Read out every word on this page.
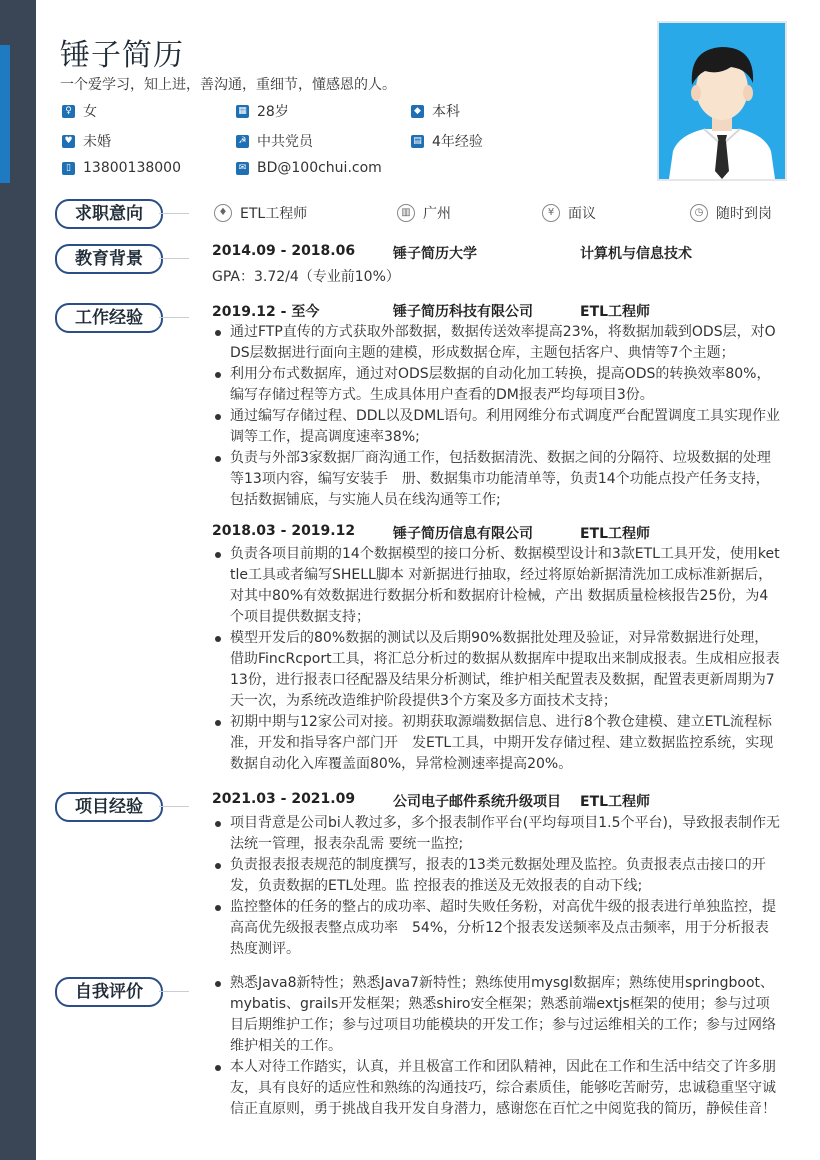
锤子简历
一个爱学习，知上进，善沟通，重细节，懂感恩的人。
♀ 女	▦ 28岁	◆ 本科
♥ 未婚	☭ 中共党员	▤ 4年经验
▯ 13800138000	✉ BD@100chui.com
求职意向	♦ ETL工程师	▥ 广州	¥ 面议	◷ 随时到岗
教育背景	2014.09 - 2018.06	锤子简历大学	计算机与信息技术
GPA：3.72/4（专业前10%）
工作经验	2019.12 - 至今	锤子简历科技有限公司	ETL工程师
通过FTP直传的方式获取外部数据，数据传送效率提高23%，将数据加载到ODS层，对ODS层数据进行面向主题的建模，形成数据仓库，主题包括客户、典情等7个主题；
利用分布式数据库，通过对ODS层数据的自动化加工转换，提高ODS的转换效率80%，编写存储过程等方式。生成具体用户查看的DM报表严均每项目3份。
通过编写存储过程、DDL以及DML语句。利用网维分布式调度严台配置调度工具实现作业调等工作，提高调度速率38%;
负责与外部3家数据厂商沟通工作，包括数据清洗、数据之间的分隔符、垃圾数据的处理等13项内容，编写安装手　册、数据集市功能清单等，负责14个功能点投产任务支持，包括数据铺底，与实施人员在线沟通等工作;
2018.03 - 2019.12	锤子简历信息有限公司	ETL工程师
负责各项目前期的14个数据模型的接口分析、数据模型设计和3款ETL工具开发，使用kettle工具或者编写SHELL脚本 对新据进行抽取，经过将原始新据清洗加工成标准新据后，对其中80%有效数据进行数据分析和数据府计检械，产出 数据质量检核报告25份，为4个项目提供数据支持；
模型开发后的80%数据的测试以及后期90%数据批处理及验证，对异常数据进行处理，借助FincRcport工具，将汇总分析过的数据从数据库中提取出来制成报表。生成相应报表13份，进行报表口径配器及结果分析测试，维护相关配置表及数据，配置表更新周期为7天一次，为系统改造维护阶段提供3个方案及多方面技术支持；
初期中期与12家公司对接。初期获取源端数据信息、进行8个教仓建模、建立ETL流程标准，开发和指导客户部门开　发ETL工具，中期开发存储过程、建立数据监控系统，实现数据自动化入库覆盖面80%，异常检测速率提高20%。
项目经验	2021.03 - 2021.09	公司电子邮件系统升级项目 ETL工程师
项目背意是公司bi人教过多，多个报表制作平台(平均每项目1.5个平台)，导致报表制作无法统一管理，报表杂乱需 要统一监控;
负责报表报表规范的制度撰写，报表的13类元数据处理及监控。负责报表点击接口的开发，负责数据的ETL处理。监 控报表的推送及无效报表的自动下线;
监控整体的任务的整占的成功率、超时失败任务粉，对高优牛级的报表进行单独监控，提高高优先级报表整点成功率　54%，分析12个报表发送频率及点击频率，用于分析报表热度测评。
自我评价	熟悉Java8新特性；熟悉Java7新特性；熟练使用mysgl数据库；熟练使用springboot、mybatis、grails开发框架；熟悉shiro安全框架；熟悉前端extjs框架的使用；参与过项目后期维护工作；参与过项目功能模块的开发工作；参与过运维相关的工作；参与过网络维护相关的工作。
本人对待工作踏实，认真，并且极富工作和团队精神，因此在工作和生活中结交了许多朋友，具有良好的适应性和熟练的沟通技巧，综合素质佳，能够吃苦耐劳，忠诚稳重坚守诚信正直原则，勇于挑战自我开发自身潜力，感谢您在百忙之中阅览我的简历，静候佳音！
